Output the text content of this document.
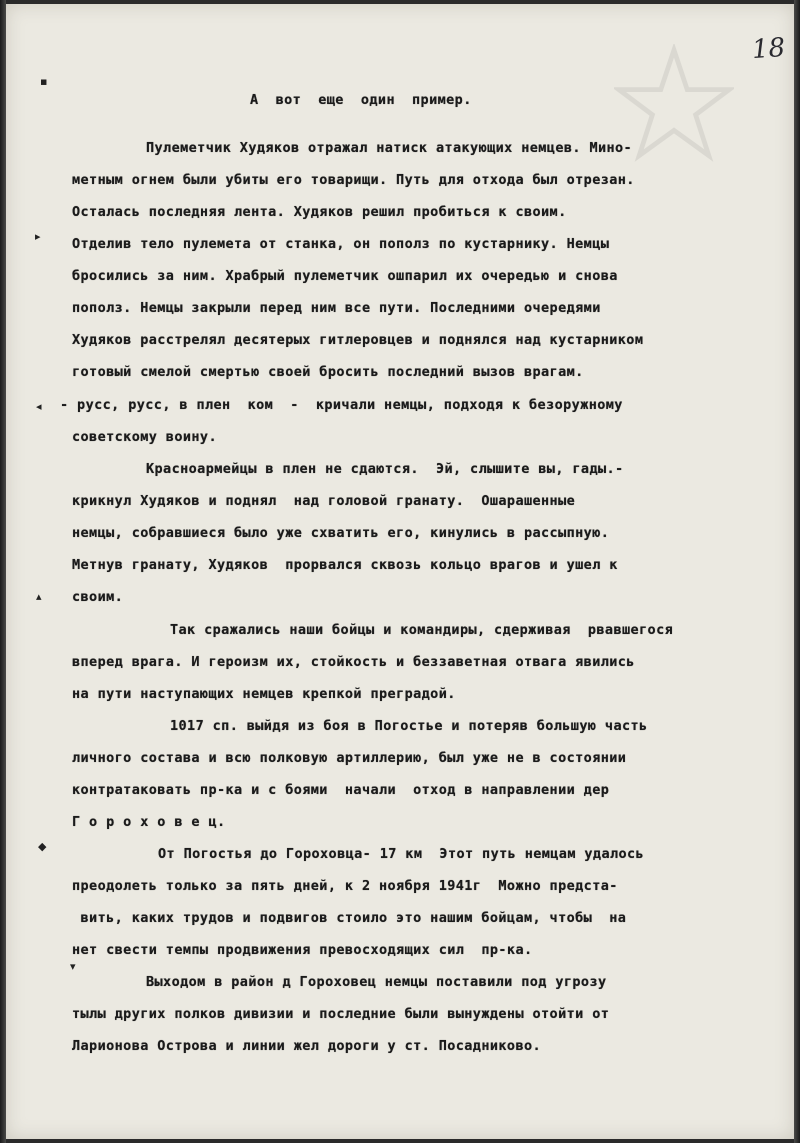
18
А  вот  еще  один  пример.
Пулеметчик Худяков отражал натиск атакующих немцев. Мино-
метным огнем были убиты его товарищи. Путь для отхода был отрезан.
Осталась последняя лента. Худяков решил пробиться к своим.
Отделив тело пулемета от станка, он пополз по кустарнику. Немцы
бросились за ним. Храбрый пулеметчик ошпарил их очередью и снова
пополз. Немцы закрыли перед ним все пути. Последними очередями
Худяков расстрелял десятерых гитлеровцев и поднялся над кустарником
готовый смелой смертью своей бросить последний вызов врагам.
- русс, русс, в плен  ком  -  кричали немцы, подходя к безоружному
советскому воину.
Красноармейцы в плен не сдаются.  Эй, слышите вы, гады.-
крикнул Худяков и поднял  над головой гранату.  Ошарашенные
немцы, собравшиеся было уже схватить его, кинулись в рассыпную.
Метнув гранату, Худяков  прорвался сквозь кольцо врагов и ушел к
своим.
Так сражались наши бойцы и командиры, сдерживая  рвавшегося
вперед врага. И героизм их, стойкость и беззаветная отвага явились
на пути наступающих немцев крепкой преградой.
1017 сп. выйдя из боя в Погостье и потеряв большую часть
личного состава и всю полковую артиллерию, был уже не в состоянии
контратаковать пр-ка и с боями  начали  отход в направлении дер
Г о р о х о в е ц.
От Погостья до Гороховца- 17 км  Этот путь немцам удалось
преодолеть только за пять дней, к 2 ноября 1941г  Можно предста-
вить, каких трудов и подвигов стоило это нашим бойцам, чтобы  на
нет свести темпы продвижения превосходящих сил  пр-ка.
Выходом в район д Гороховец немцы поставили под угрозу
тылы других полков дивизии и последние были вынуждены отойти от
Ларионова Острова и линии жел дороги у ст. Посадниково.
▪
▸
◂
▴
◆
▾
